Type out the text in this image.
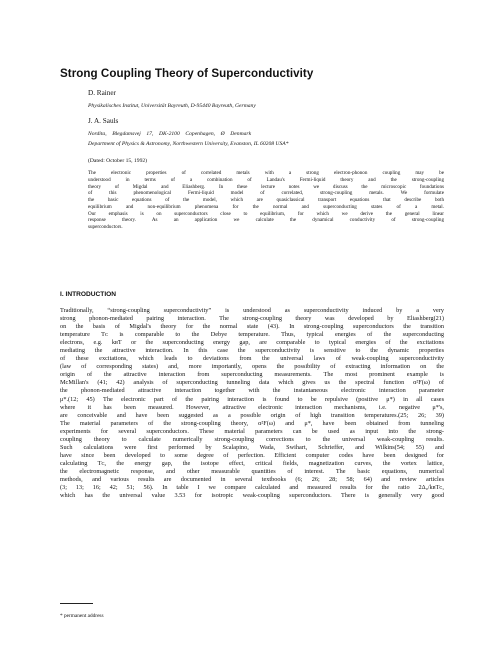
Strong Coupling Theory of Superconductivity
D. Rainer
Physikalisches Institut, Universität Bayreuth, D-95440 Bayreuth, Germany
J. A. Sauls
Nordita,    Blegdamsvej    17,    DK-2100    Copenhagen,    Ø    Denmark
Department of Physics & Astronomy, Northwestern University, Evanston, IL 60208 USA*
(Dated: October 15, 1992)
The electronic properties of correlated metals with a strong electron-phonon coupling may be
understood in terms of a combination of Landau's Fermi-liquid theory and the strong-coupling
theory of Migdal and Eliashberg. In these lecture notes we discuss the microscopic foundations
of this phenomenological Fermi-liquid model of correlated, strong-coupling metals. We formulate
the basic equations of the model, which are quasiclassical transport equations that describe both
equilibrium and non-equilibrium phenomena for the normal and superconducting states of a metal.
Our emphasis is on superconductors close to equilibrium, for which we derive the general linear
response theory. As an application we calculate the dynamical conductivity of strong-coupling
superconductors.
I. INTRODUCTION
Traditionally, “strong-coupling superconductivity” is understood as superconductivity induced by a very
strong phonon-mediated pairing interaction. The strong-coupling theory was developed by Eliashberg(21)
on the basis of Migdal's theory for the normal state (43). In strong-coupling superconductors the transition
temperature Tᴄ is comparable to the Debye temperature. Thus, typical energies of the superconducting
electrons, e.g. kʙT or the superconducting energy gap, are comparable to typical energies of the excitations
mediating the attractive interaction. In this case the superconductivity is sensitive to the dynamic properties
of these excitations, which leads to deviations from the universal laws of weak-coupling superconductivity
(law of corresponding states) and, more importantly, opens the possibility of extracting information on the
origin of the attractive interaction from superconducting measurements. The most prominent example is
McMillan's (41; 42) analysis of superconducting tunneling data which gives us the spectral function α²F(ω) of
the phonon-mediated attractive interaction together with the instantaneous electronic interaction parameter
μ*.(12; 45) The electronic part of the pairing interaction is found to be repulsive (positive μ*) in all cases
where it has been measured. However, attractive electronic interaction mechanisms, i.e. negative μ*'s,
are conceivable and have been suggested as a possible origin of high transition temperatures.(25; 26; 39)
The material parameters of the strong-coupling theory, α²F(ω) and μ*, have been obtained from tunneling
experiments for several superconductors. These material parameters can be used as input into the strong-
coupling theory to calculate numerically strong-coupling corrections to the universal weak-coupling results.
Such calculations were first performed by Scalapino, Wada, Swihart, Schrieffer, and Wilkins(54; 55) and
have since been developed to some degree of perfection. Efficient computer codes have been designed for
calculating Tᴄ, the energy gap, the isotope effect, critical fields, magnetization curves, the vortex lattice,
the electromagnetic response, and other measurable quantities of interest. The basic equations, numerical
methods, and various results are documented in several textbooks (6; 26; 28; 58; 64) and review articles
(3; 13; 16; 42; 51; 56). In table I we compare calculated and measured results for the ratio 2Δ₀/kʙTᴄ,
which has the universal value 3.53 for isotropic weak-coupling superconductors. There is generally very good
* permanent address
